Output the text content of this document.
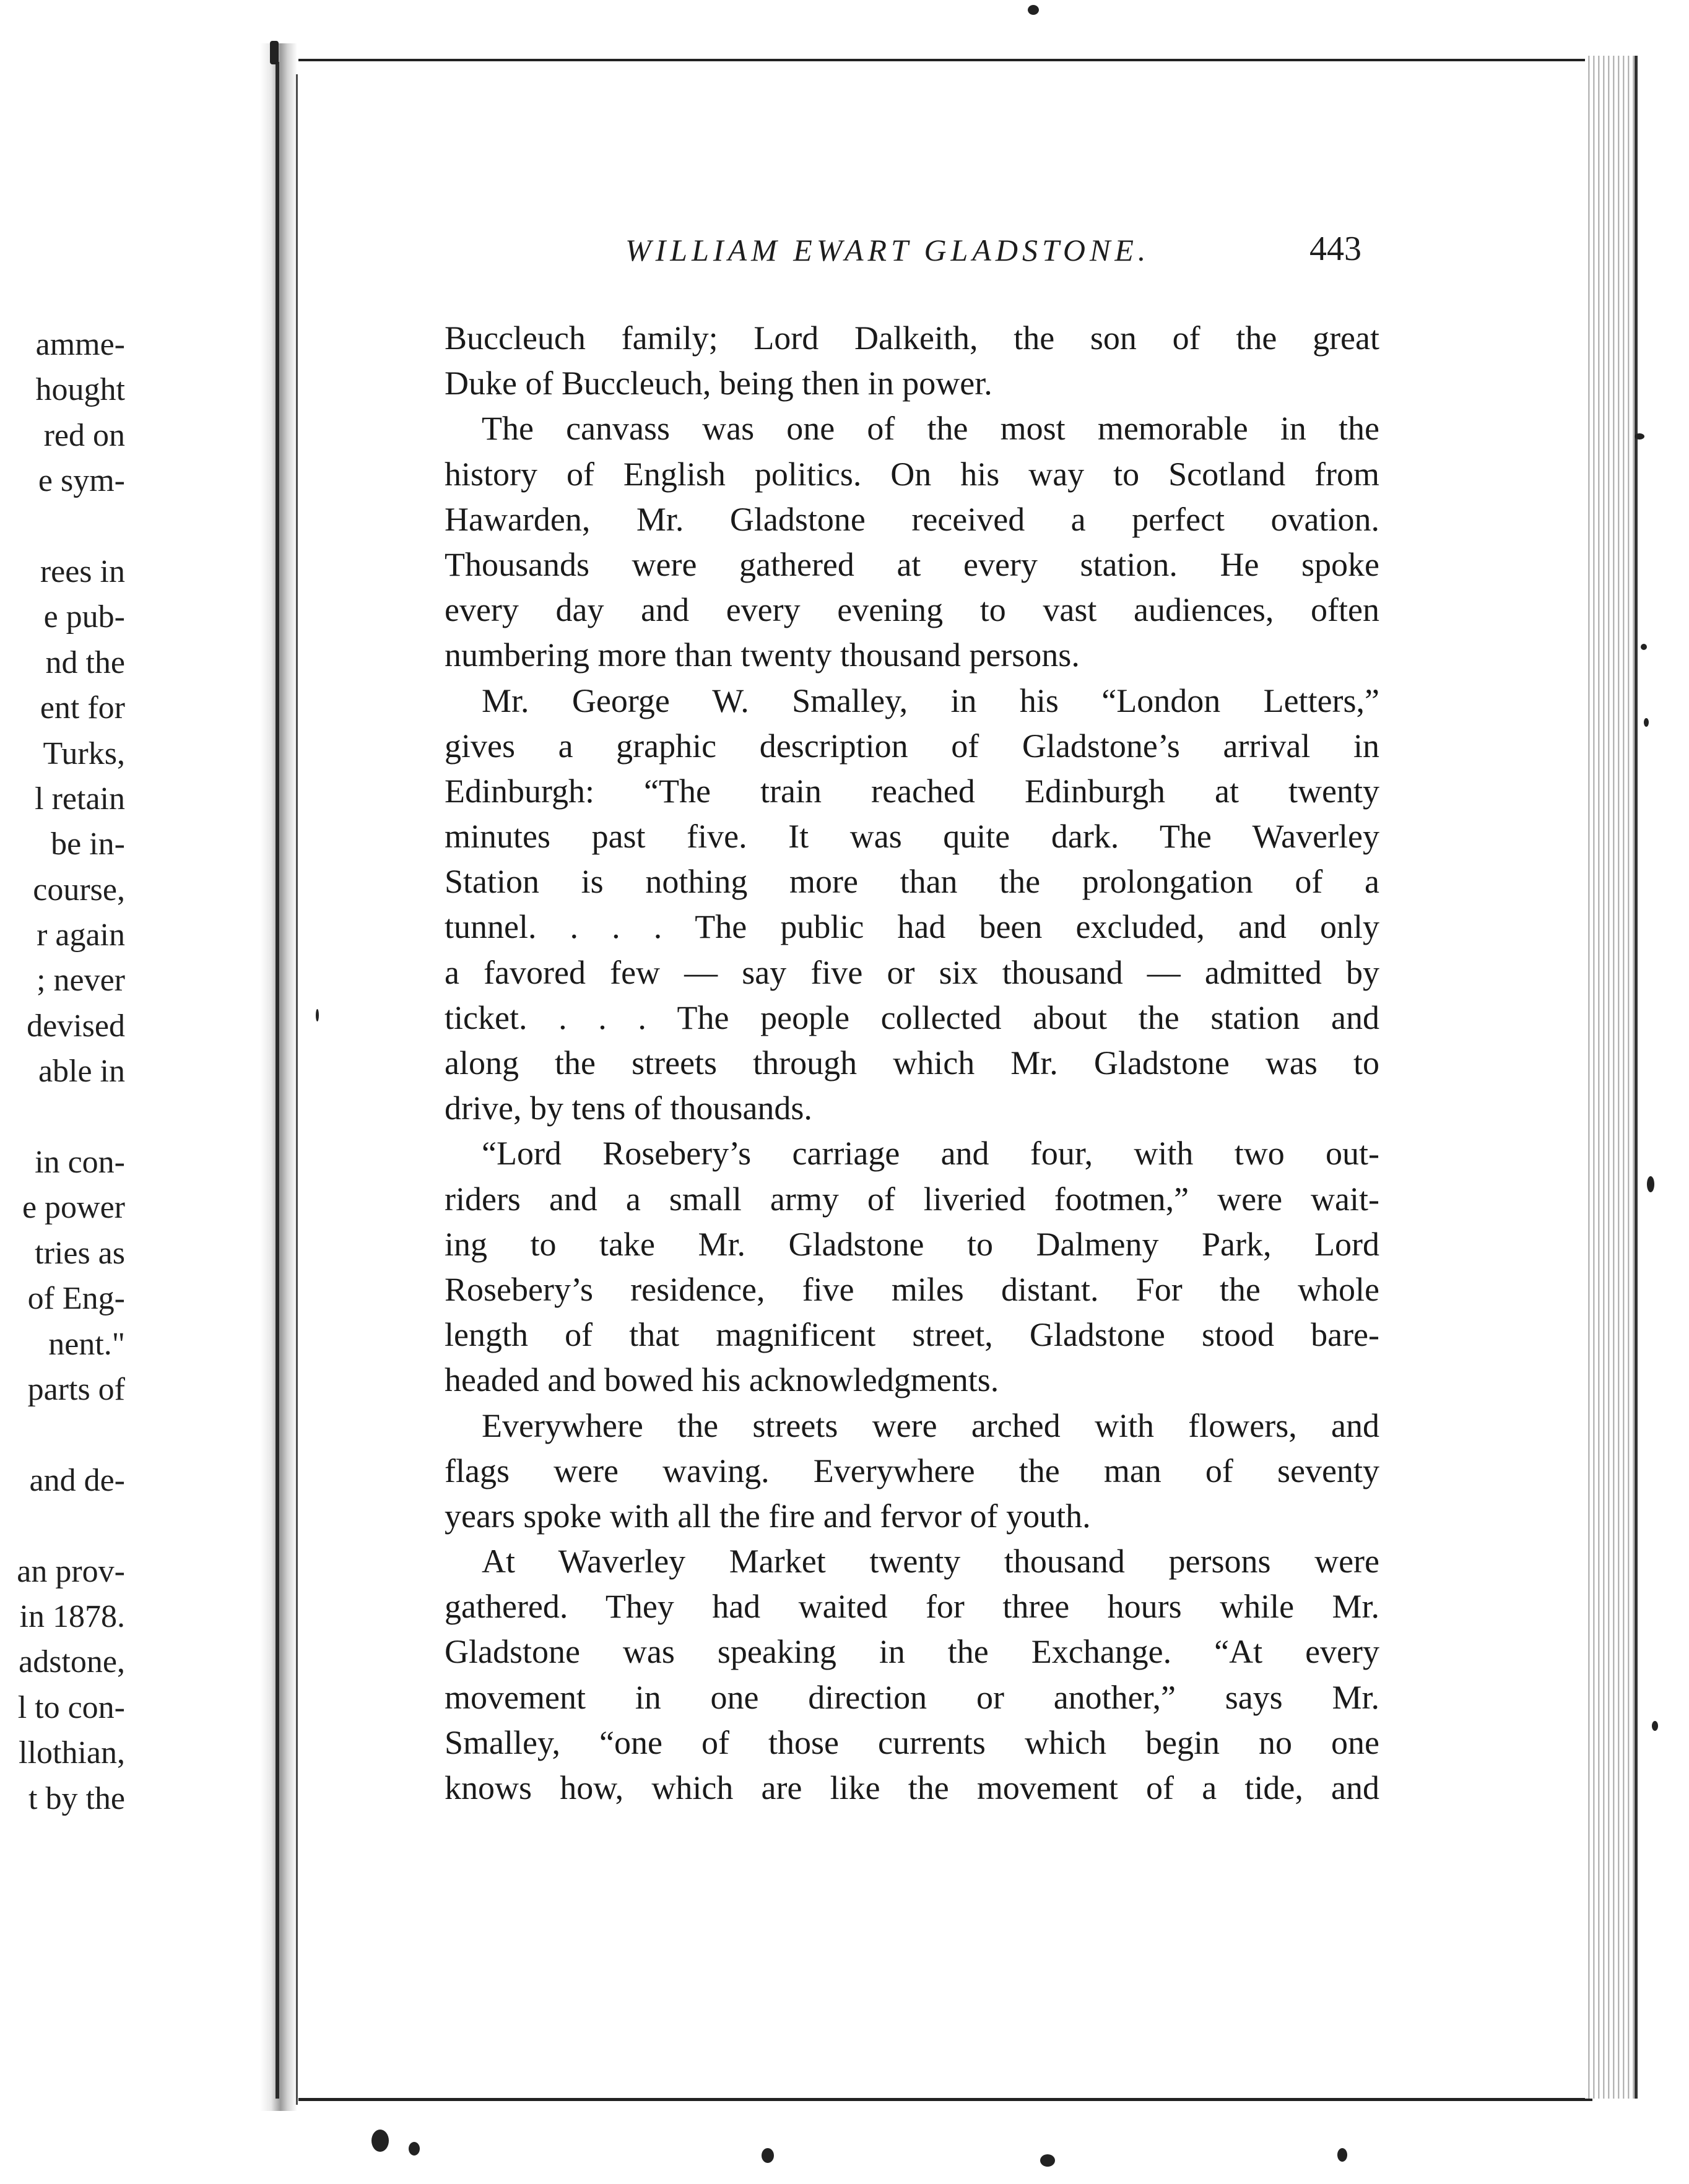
amme-
hought
red on
e sym-
rees in
e pub-
nd the
ent for
Turks,
l retain
be in-
course,
r again
; never
devised
able in
in con-
e power
tries as
of Eng-
nent."
parts of
and de-
an prov-
in 1878.
adstone,
l to con-
llothian,
t by the
WILLIAM EWART GLADSTONE.	443
Buccleuch family; Lord Dalkeith, the son of the great
Duke of Buccleuch, being then in power.
The canvass was one of the most memorable in the
history of English politics. On his way to Scotland from
Hawarden, Mr. Gladstone received a perfect ovation.
Thousands were gathered at every station. He spoke
every day and every evening to vast audiences, often
numbering more than twenty thousand persons.
Mr. George W. Smalley, in his “London Letters,”
gives a graphic description of Gladstone’s arrival in
Edinburgh: “The train reached Edinburgh at twenty
minutes past five. It was quite dark. The Waverley
Station is nothing more than the prolongation of a
tunnel. . . . The public had been excluded, and only
a favored few — say five or six thousand — admitted by
ticket. . . . The people collected about the station and
along the streets through which Mr. Gladstone was to
drive, by tens of thousands.
“Lord Rosebery’s carriage and four, with two out-
riders and a small army of liveried footmen,” were wait-
ing to take Mr. Gladstone to Dalmeny Park, Lord
Rosebery’s residence, five miles distant. For the whole
length of that magnificent street, Gladstone stood bare-
headed and bowed his acknowledgments.
Everywhere the streets were arched with flowers, and
flags were waving. Everywhere the man of seventy
years spoke with all the fire and fervor of youth.
At Waverley Market twenty thousand persons were
gathered. They had waited for three hours while Mr.
Gladstone was speaking in the Exchange. “At every
movement in one direction or another,” says Mr.
Smalley, “one of those currents which begin no one
knows how, which are like the movement of a tide, and
